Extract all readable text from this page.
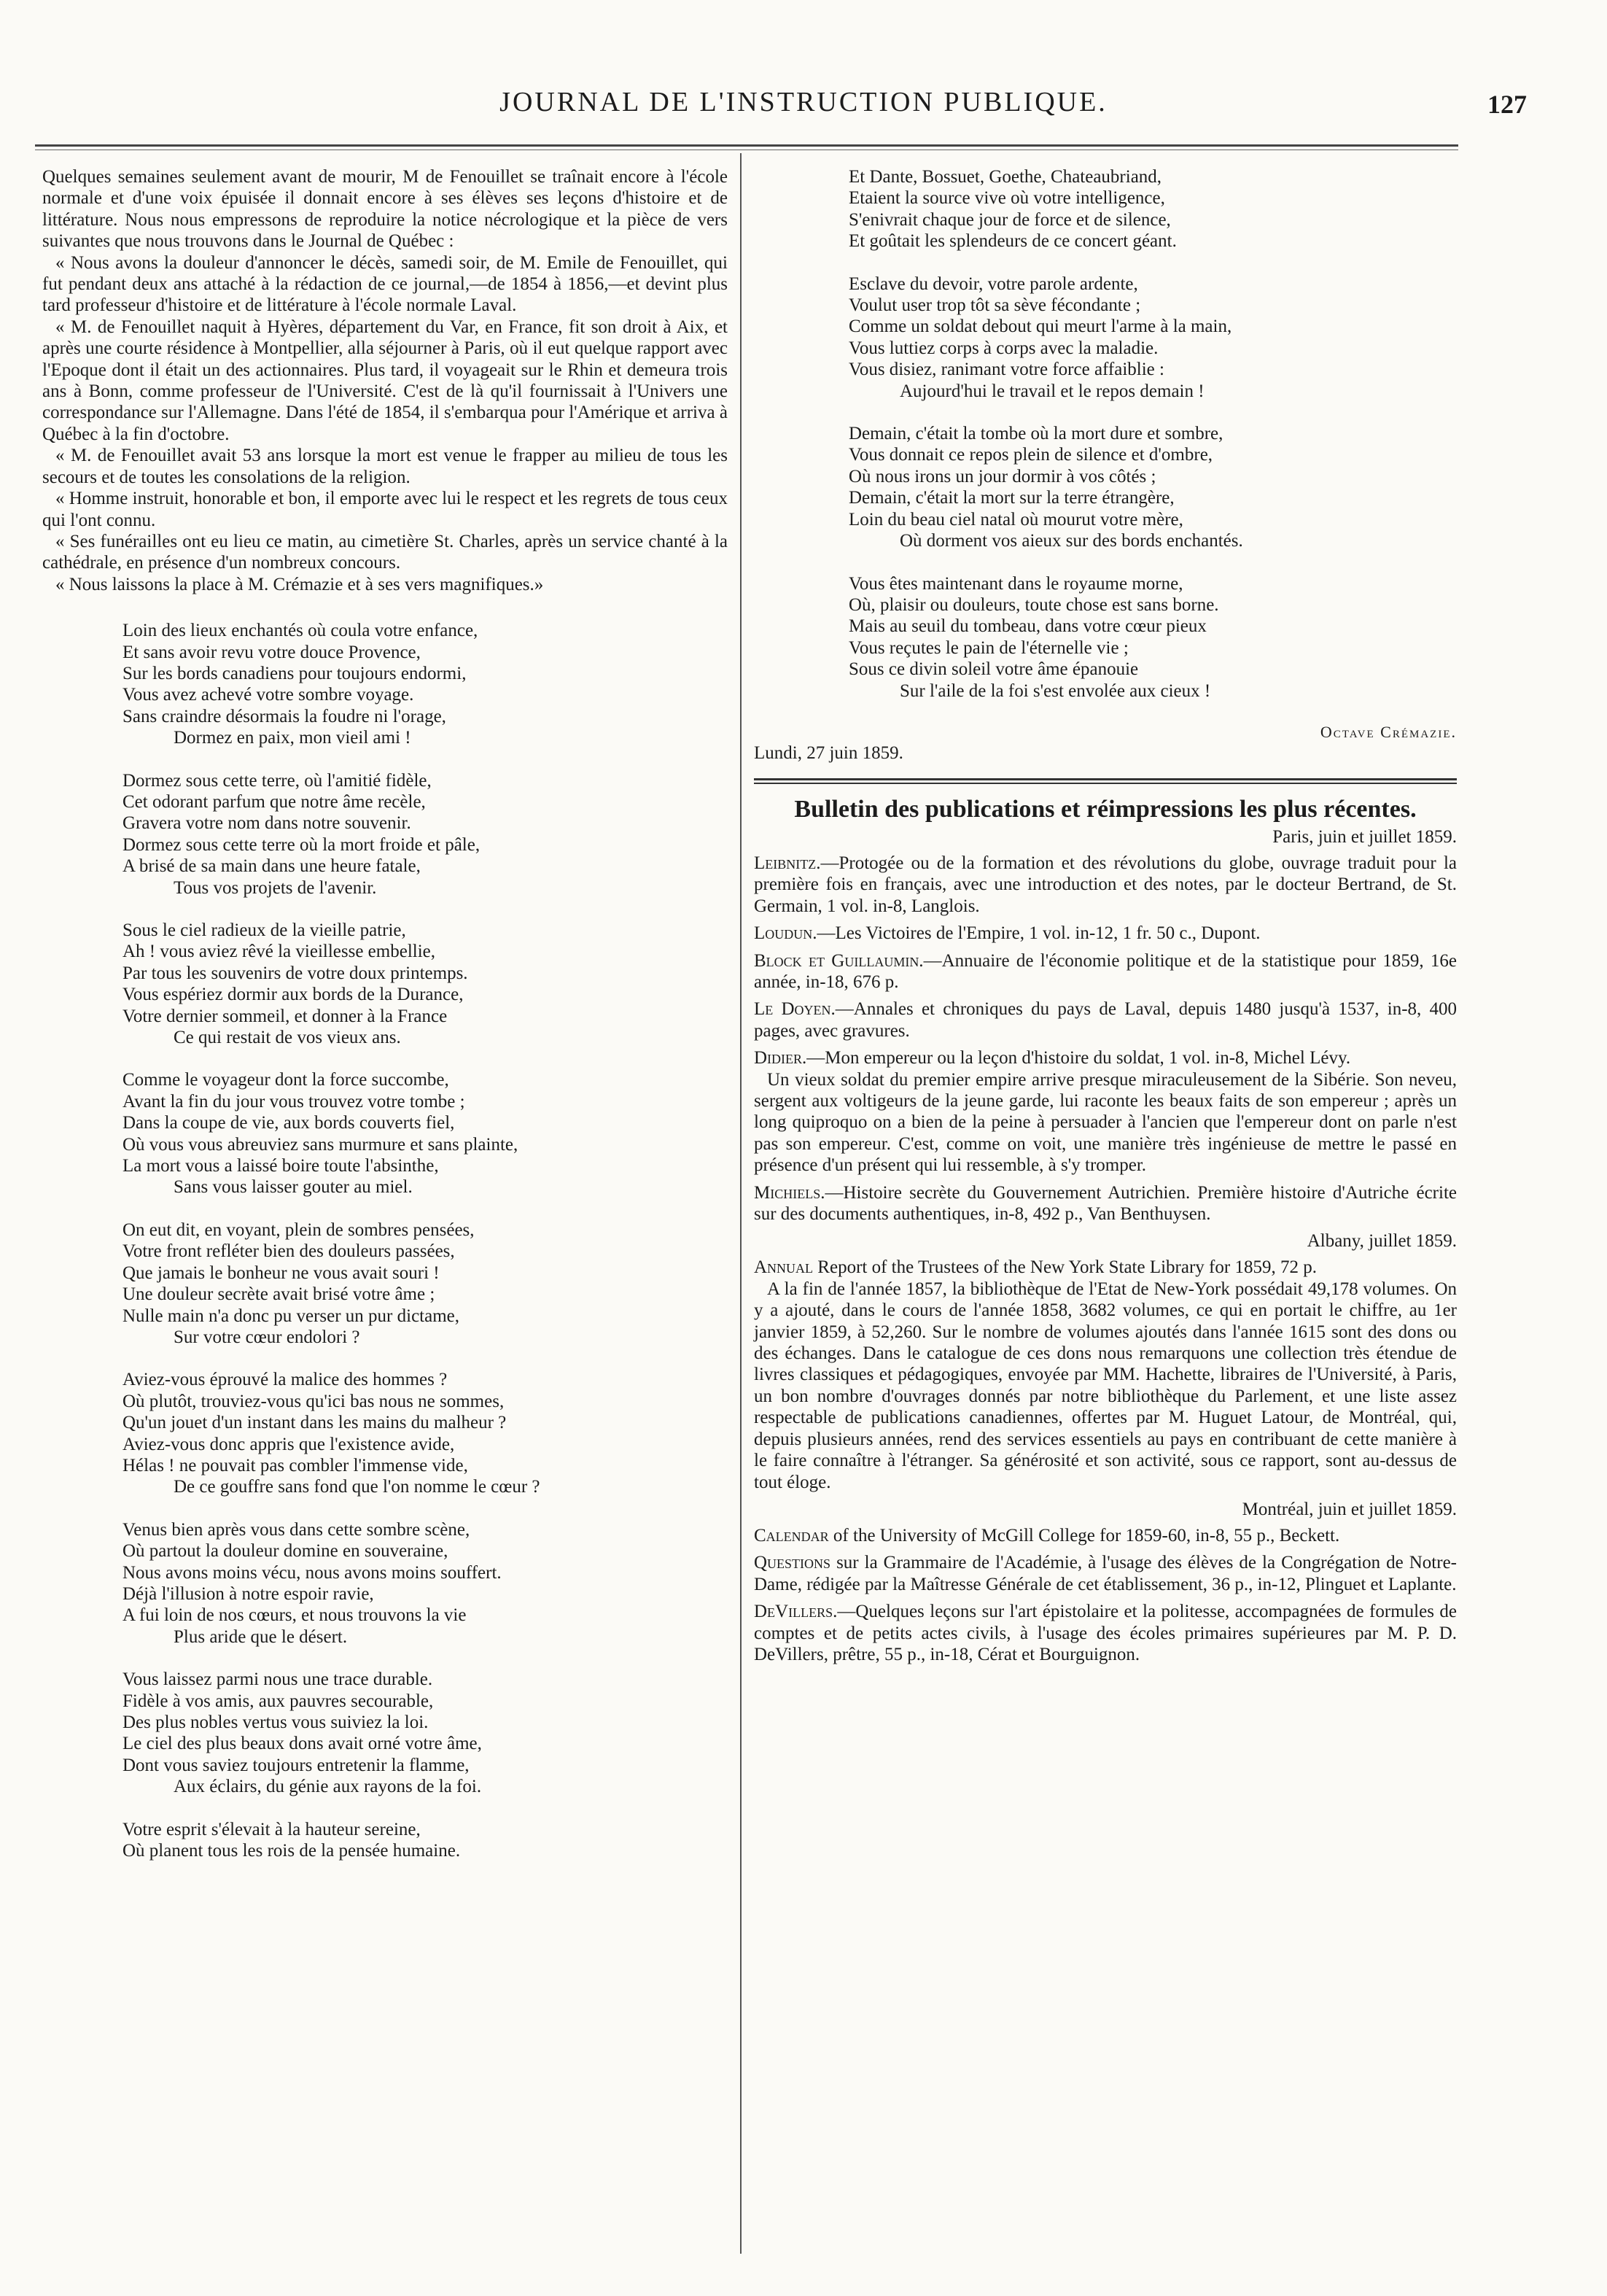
JOURNAL DE L'INSTRUCTION PUBLIQUE.	127

Quelques semaines seulement avant de mourir, M de Fenouillet se traînait encore à l'école normale et d'une voix épuisée il donnait encore à ses élèves ses leçons d'histoire et de littérature. Nous nous empressons de reproduire la notice nécrologique et la pièce de vers suivantes que nous trouvons dans le Journal de Québec :

« Nous avons la douleur d'annoncer le décès, samedi soir, de M. Emile de Fenouillet, qui fut pendant deux ans attaché à la rédaction de ce journal,—de 1854 à 1856,—et devint plus tard professeur d'histoire et de littérature à l'école normale Laval.

« M. de Fenouillet naquit à Hyères, département du Var, en France, fit son droit à Aix, et après une courte résidence à Montpellier, alla séjourner à Paris, où il eut quelque rapport avec l'Epoque dont il était un des actionnaires. Plus tard, il voyageait sur le Rhin et demeura trois ans à Bonn, comme professeur de l'Université. C'est de là qu'il fournissait à l'Univers une correspondance sur l'Allemagne. Dans l'été de 1854, il s'embarqua pour l'Amérique et arriva à Québec à la fin d'octobre.

« M. de Fenouillet avait 53 ans lorsque la mort est venue le frapper au milieu de tous les secours et de toutes les consolations de la religion.

« Homme instruit, honorable et bon, il emporte avec lui le respect et les regrets de tous ceux qui l'ont connu.

« Ses funérailles ont eu lieu ce matin, au cimetière St. Charles, après un service chanté à la cathédrale, en présence d'un nombreux concours.

« Nous laissons la place à M. Crémazie et à ses vers magnifiques.»

Loin des lieux enchantés où coula votre enfance,
Et sans avoir revu votre douce Provence,
Sur les bords canadiens pour toujours endormi,
Vous avez achevé votre sombre voyage.
Sans craindre désormais la foudre ni l'orage,
Dormez en paix, mon vieil ami !
Dormez sous cette terre, où l'amitié fidèle,
Cet odorant parfum que notre âme recèle,
Gravera votre nom dans notre souvenir.
Dormez sous cette terre où la mort froide et pâle,
A brisé de sa main dans une heure fatale,
Tous vos projets de l'avenir.
Sous le ciel radieux de la vieille patrie,
Ah ! vous aviez rêvé la vieillesse embellie,
Par tous les souvenirs de votre doux printemps.
Vous espériez dormir aux bords de la Durance,
Votre dernier sommeil, et donner à la France
Ce qui restait de vos vieux ans.
Comme le voyageur dont la force succombe,
Avant la fin du jour vous trouvez votre tombe ;
Dans la coupe de vie, aux bords couverts fiel,
Où vous vous abreuviez sans murmure et sans plainte,
La mort vous a laissé boire toute l'absinthe,
Sans vous laisser gouter au miel.
On eut dit, en voyant, plein de sombres pensées,
Votre front refléter bien des douleurs passées,
Que jamais le bonheur ne vous avait souri !
Une douleur secrète avait brisé votre âme ;
Nulle main n'a donc pu verser un pur dictame,
Sur votre cœur endolori ?
Aviez-vous éprouvé la malice des hommes ?
Où plutôt, trouviez-vous qu'ici bas nous ne sommes,
Qu'un jouet d'un instant dans les mains du malheur ?
Aviez-vous donc appris que l'existence avide,
Hélas ! ne pouvait pas combler l'immense vide,
De ce gouffre sans fond que l'on nomme le cœur ?
Venus bien après vous dans cette sombre scène,
Où partout la douleur domine en souveraine,
Nous avons moins vécu, nous avons moins souffert.
Déjà l'illusion à notre espoir ravie,
A fui loin de nos cœurs, et nous trouvons la vie
Plus aride que le désert.
Vous laissez parmi nous une trace durable.
Fidèle à vos amis, aux pauvres secourable,
Des plus nobles vertus vous suiviez la loi.
Le ciel des plus beaux dons avait orné votre âme,
Dont vous saviez toujours entretenir la flamme,
Aux éclairs, du génie aux rayons de la foi.
Votre esprit s'élevait à la hauteur sereine,
Où planent tous les rois de la pensée humaine.
Et Dante, Bossuet, Goethe, Chateaubriand,
Etaient la source vive où votre intelligence,
S'enivrait chaque jour de force et de silence,
Et goûtait les splendeurs de ce concert géant.
Esclave du devoir, votre parole ardente,
Voulut user trop tôt sa sève fécondante ;
Comme un soldat debout qui meurt l'arme à la main,
Vous luttiez corps à corps avec la maladie.
Vous disiez, ranimant votre force affaiblie :
Aujourd'hui le travail et le repos demain !
Demain, c'était la tombe où la mort dure et sombre,
Vous donnait ce repos plein de silence et d'ombre,
Où nous irons un jour dormir à vos côtés ;
Demain, c'était la mort sur la terre étrangère,
Loin du beau ciel natal où mourut votre mère,
Où dorment vos aieux sur des bords enchantés.
Vous êtes maintenant dans le royaume morne,
Où, plaisir ou douleurs, toute chose est sans borne.
Mais au seuil du tombeau, dans votre cœur pieux
Vous reçutes le pain de l'éternelle vie ;
Sous ce divin soleil votre âme épanouie
Sur l'aile de la foi s'est envolée aux cieux !
Octave Crémazie.
Lundi, 27 juin 1859.
Bulletin des publications et réimpressions les plus récentes.
Paris, juin et juillet 1859.
Leibnitz.—Protogée ou de la formation et des révolutions du globe, ouvrage traduit pour la première fois en français, avec une introduction et des notes, par le docteur Bertrand, de St. Germain, 1 vol. in-8, Langlois.
Loudun.—Les Victoires de l'Empire, 1 vol. in-12, 1 fr. 50 c., Dupont.
Block et Guillaumin.—Annuaire de l'économie politique et de la statistique pour 1859, 16e année, in-18, 676 p.
Le Doyen.—Annales et chroniques du pays de Laval, depuis 1480 jusqu'à 1537, in-8, 400 pages, avec gravures.
Didier.—Mon empereur ou la leçon d'histoire du soldat, 1 vol. in-8, Michel Lévy.
Un vieux soldat du premier empire arrive presque miraculeusement de la Sibérie. Son neveu, sergent aux voltigeurs de la jeune garde, lui raconte les beaux faits de son empereur ; après un long quiproquo on a bien de la peine à persuader à l'ancien que l'empereur dont on parle n'est pas son empereur. C'est, comme on voit, une manière très ingénieuse de mettre le passé en présence d'un présent qui lui ressemble, à s'y tromper.
Michiels.—Histoire secrète du Gouvernement Autrichien. Première histoire d'Autriche écrite sur des documents authentiques, in-8, 492 p., Van Benthuysen.
Albany, juillet 1859.
Annual Report of the Trustees of the New York State Library for 1859, 72 p.
A la fin de l'année 1857, la bibliothèque de l'Etat de New-York possédait 49,178 volumes. On y a ajouté, dans le cours de l'année 1858, 3682 volumes, ce qui en portait le chiffre, au 1er janvier 1859, à 52,260. Sur le nombre de volumes ajoutés dans l'année 1615 sont des dons ou des échanges. Dans le catalogue de ces dons nous remarquons une collection très étendue de livres classiques et pédagogiques, envoyée par MM. Hachette, libraires de l'Université, à Paris, un bon nombre d'ouvrages donnés par notre bibliothèque du Parlement, et une liste assez respectable de publications canadiennes, offertes par M. Huguet Latour, de Montréal, qui, depuis plusieurs années, rend des services essentiels au pays en contribuant de cette manière à le faire connaître à l'étranger. Sa générosité et son activité, sous ce rapport, sont au-dessus de tout éloge.
Montréal, juin et juillet 1859.
Calendar of the University of McGill College for 1859-60, in-8, 55 p., Beckett.
Questions sur la Grammaire de l'Académie, à l'usage des élèves de la Congrégation de Notre-Dame, rédigée par la Maîtresse Générale de cet établissement, 36 p., in-12, Plinguet et Laplante.
DeVillers.—Quelques leçons sur l'art épistolaire et la politesse, accompagnées de formules de comptes et de petits actes civils, à l'usage des écoles primaires supérieures par M. P. D. DeVillers, prêtre, 55 p., in-18, Cérat et Bourguignon.
